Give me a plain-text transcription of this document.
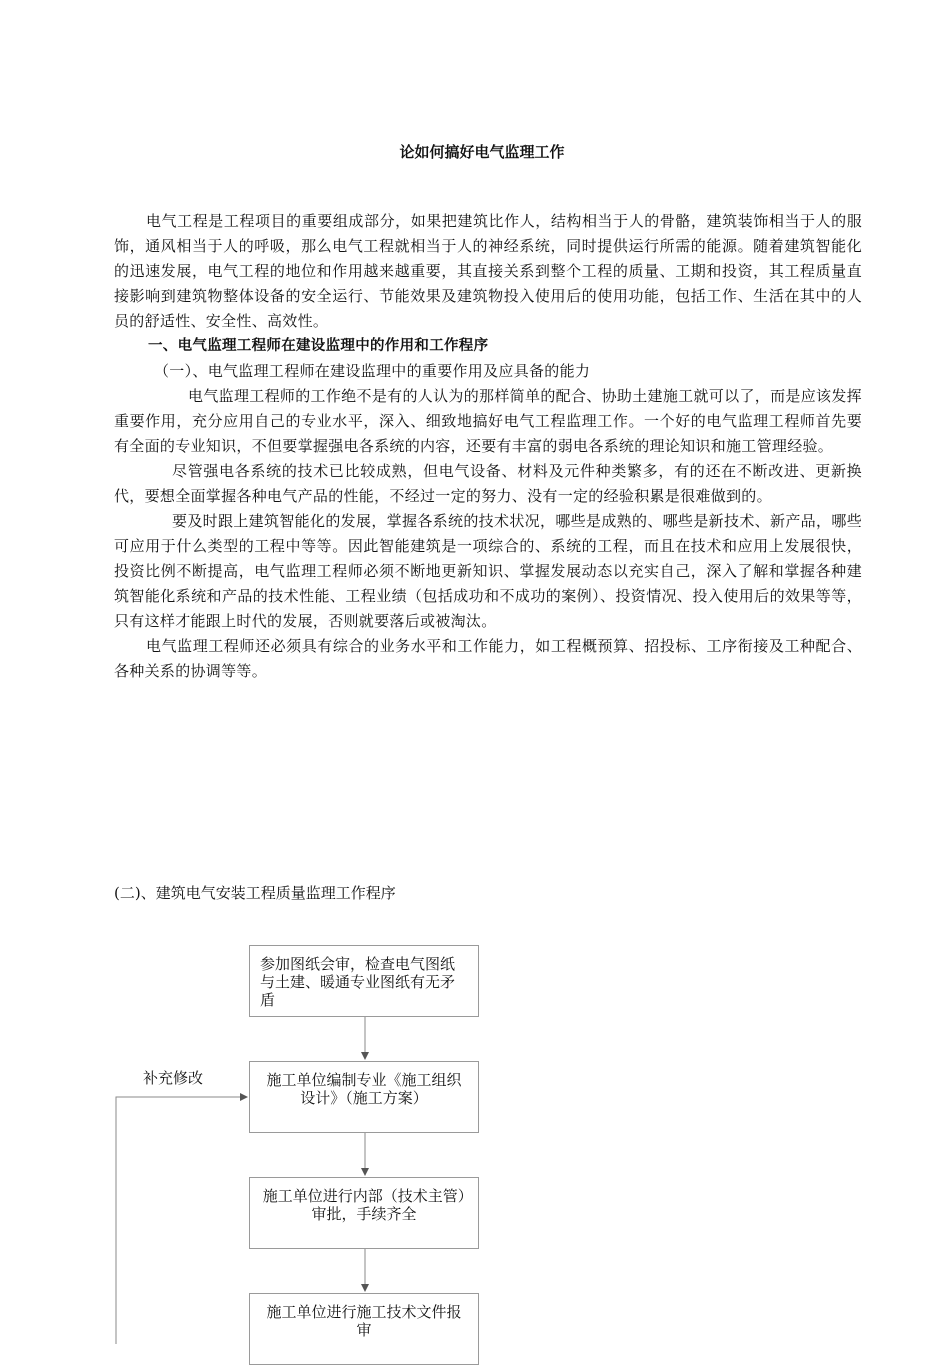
论如何搞好电气监理工作

电气工程是工程项目的重要组成部分，如果把建筑比作人，结构相当于人的骨骼，建筑装饰相当于人的服饰，通风相当于人的呼吸，那么电气工程就相当于人的神经系统，同时提供运行所需的能源。随着建筑智能化的迅速发展，电气工程的地位和作用越来越重要，其直接关系到整个工程的质量、工期和投资，其工程质量直接影响到建筑物整体设备的安全运行、节能效果及建筑物投入使用后的使用功能，包括工作、生活在其中的人员的舒适性、安全性、高效性。

一、电气监理工程师在建设监理中的作用和工作程序

（一）、电气监理工程师在建设监理中的重要作用及应具备的能力

电气监理工程师的工作绝不是有的人认为的那样简单的配合、协助土建施工就可以了，而是应该发挥重要作用，充分应用自己的专业水平，深入、细致地搞好电气工程监理工作。一个好的电气监理工程师首先要有全面的专业知识，不但要掌握强电各系统的内容，还要有丰富的弱电各系统的理论知识和施工管理经验。

尽管强电各系统的技术已比较成熟，但电气设备、材料及元件种类繁多，有的还在不断改进、更新换代，要想全面掌握各种电气产品的性能，不经过一定的努力、没有一定的经验积累是很难做到的。

要及时跟上建筑智能化的发展，掌握各系统的技术状况，哪些是成熟的、哪些是新技术、新产品，哪些可应用于什么类型的工程中等等。因此智能建筑是一项综合的、系统的工程，而且在技术和应用上发展很快，投资比例不断提高，电气监理工程师必须不断地更新知识、掌握发展动态以充实自己，深入了解和掌握各种建筑智能化系统和产品的技术性能、工程业绩（包括成功和不成功的案例）、投资情况、投入使用后的效果等等，只有这样才能跟上时代的发展，否则就要落后或被淘汰。

电气监理工程师还必须具有综合的业务水平和工作能力，如工程概预算、招投标、工序衔接及工种配合、各种关系的协调等等。

(二)、建筑电气安装工程质量监理工作程序
补充修改
参加图纸会审，检查电气图纸与土建、暖通专业图纸有无矛盾
施工单位编制专业《施工组织设计》（施工方案）
施工单位进行内部（技术主管）审批，手续齐全
施工单位进行施工技术文件报审
